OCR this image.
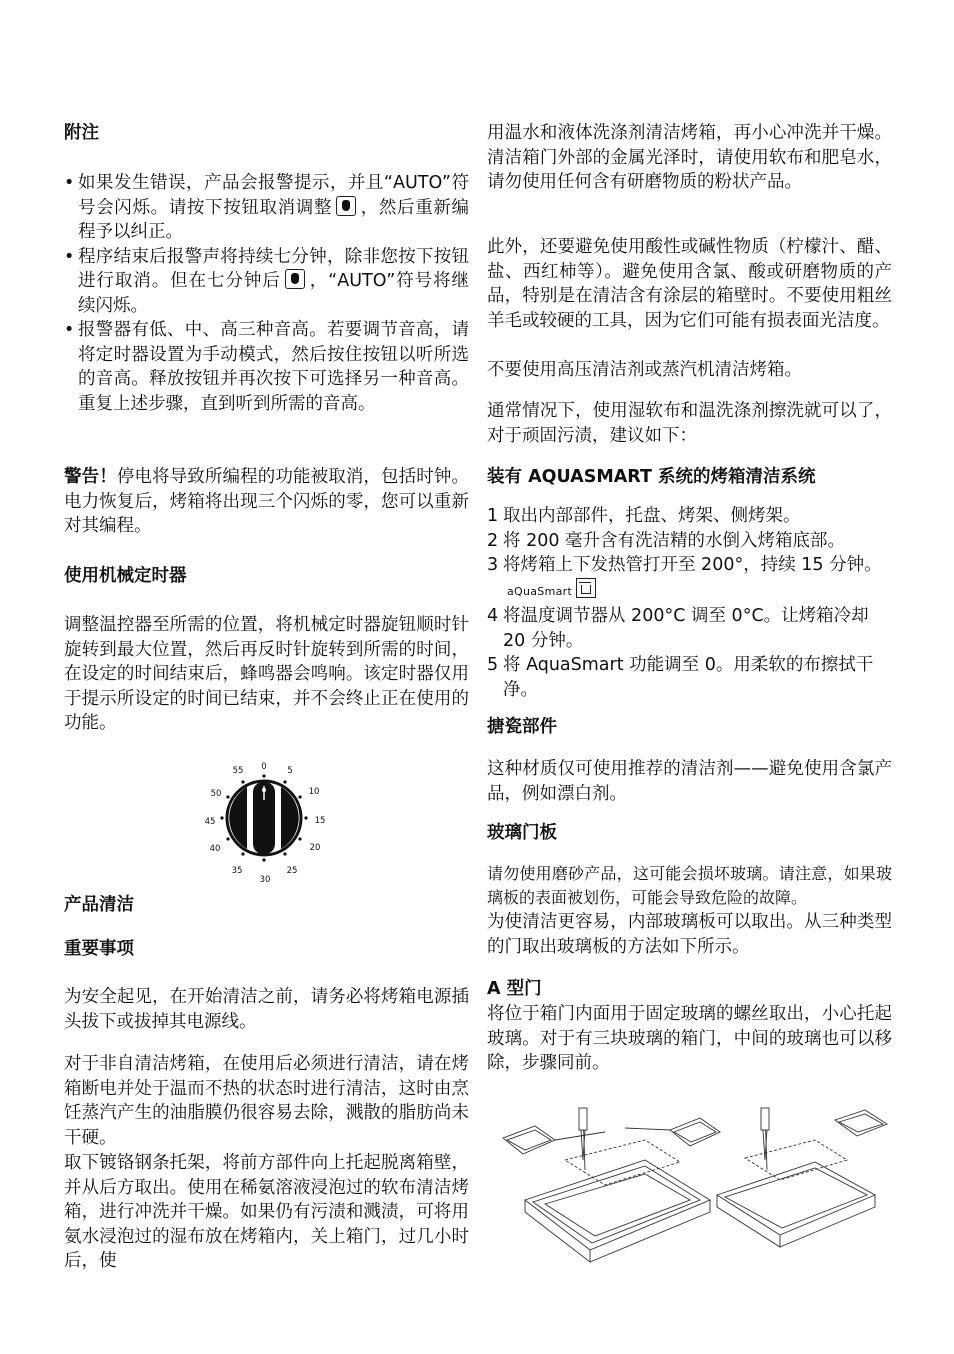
附注
• 如果发生错误，产品会报警提示，并且“AUTO”符号会闪烁。请按下按钮取消调整 ，然后重新编程予以纠正。
• 程序结束后报警声将持续七分钟，除非您按下按钮进行取消。但在七分钟后 ，“AUTO”符号将继续闪烁。
• 报警器有低、中、高三种音高。若要调节音高，请将定时器设置为手动模式，然后按住按钮以听所选的音高。释放按钮并再次按下可选择另一种音高。重复上述步骤，直到听到所需的音高。
警告！停电将导致所编程的功能被取消，包括时钟。电力恢复后，烤箱将出现三个闪烁的零，您可以重新对其编程。
使用机械定时器
调整温控器至所需的位置，将机械定时器旋钮顺时针旋转到最大位置，然后再反时针旋转到所需的时间，在设定的时间结束后，蜂鸣器会鸣响。该定时器仅用于提示所设定的时间已结束，并不会终止正在使用的功能。
0 5
10
15
20
25
30
35
40
45
50
55
产品清洁
重要事项
为安全起见，在开始清洁之前，请务必将烤箱电源插头拔下或拔掉其电源线。
对于非自清洁烤箱，在使用后必须进行清洁，请在烤箱断电并处于温而不热的状态时进行清洁，这时由烹饪蒸汽产生的油脂膜仍很容易去除，溅散的脂肪尚未干硬。
取下镀铬钢条托架，将前方部件向上托起脱离箱壁，并从后方取出。使用在稀氨溶液浸泡过的软布清洁烤箱，进行冲洗并干燥。如果仍有污渍和溅渍，可将用氨水浸泡过的湿布放在烤箱内，关上箱门，过几小时后，使
用温水和液体洗涤剂清洁烤箱，再小心冲洗并干燥。清洁箱门外部的金属光泽时，请使用软布和肥皂水，请勿使用任何含有研磨物质的粉状产品。
此外，还要避免使用酸性或碱性物质（柠檬汁、醋、盐、西红柿等）。避免使用含氯、酸或研磨物质的产品，特别是在清洁含有涂层的箱壁时。不要使用粗丝羊毛或较硬的工具，因为它们可能有损表面光洁度。
不要使用高压清洁剂或蒸汽机清洁烤箱。
通常情况下，使用湿软布和温洗涤剂擦洗就可以了，对于顽固污渍，建议如下：
装有 AQUASMART 系统的烤箱清洁系统
1 取出内部部件，托盘、烤架、侧烤架。
2 将 200 毫升含有洗洁精的水倒入烤箱底部。
3 将烤箱上下发热管打开至 200°，持续 15 分钟。aQuaSmart
4 将温度调节器从 200°C 调至 0°C。让烤箱冷却 20 分钟。
5 将 AquaSmart 功能调至 0。用柔软的布擦拭干净。
搪瓷部件
这种材质仅可使用推荐的清洁剂——避免使用含氯产品，例如漂白剂。
玻璃门板
请勿使用磨砂产品，这可能会损坏玻璃。请注意，如果玻璃板的表面被划伤，可能会导致危险的故障。
为使清洁更容易，内部玻璃板可以取出。从三种类型的门取出玻璃板的方法如下所示。
A 型门
将位于箱门内面用于固定玻璃的螺丝取出，小心托起玻璃。对于有三块玻璃的箱门，中间的玻璃也可以移除，步骤同前。
